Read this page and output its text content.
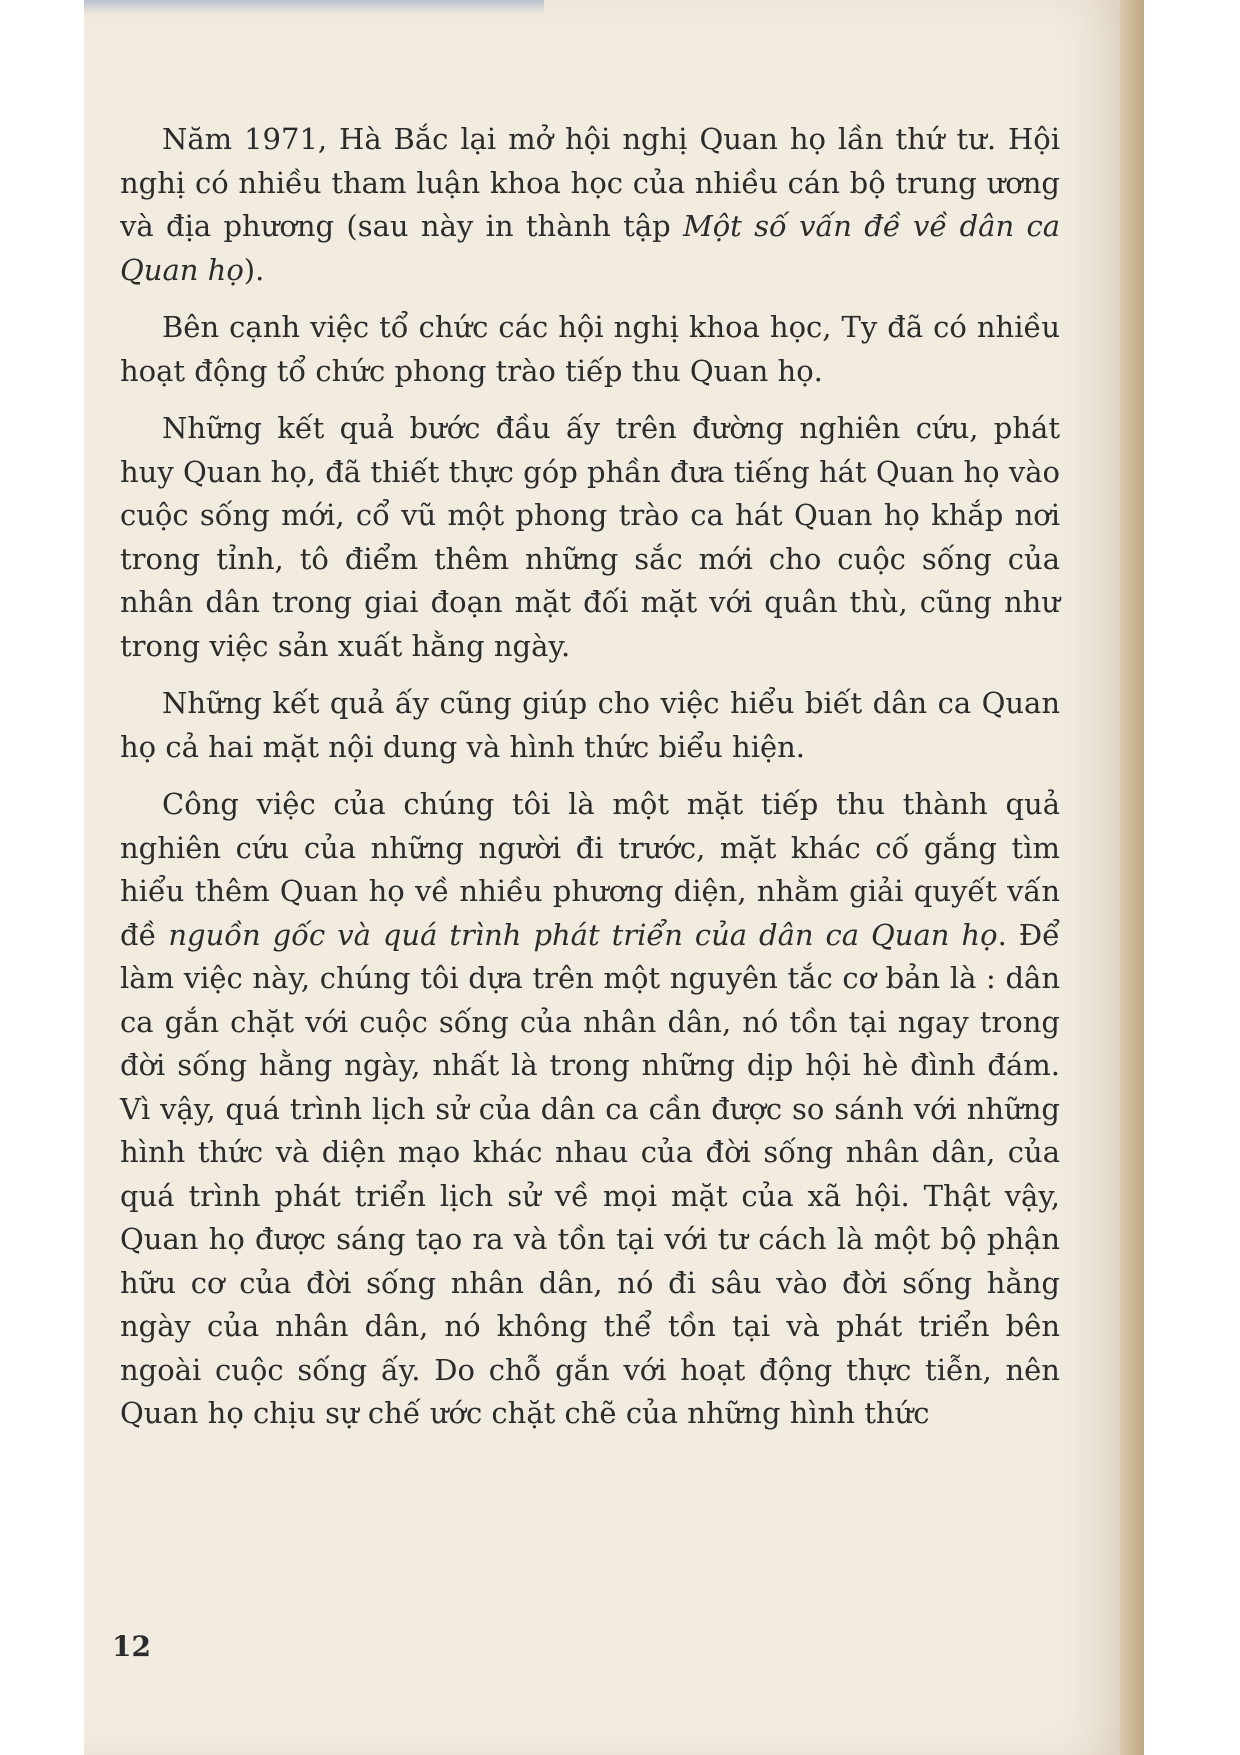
Năm 1971, Hà Bắc lại mở hội nghị Quan họ lần thứ tư. Hội nghị có nhiều tham luận khoa học của nhiều cán bộ trung ương và địa phương (sau này in thành tập Một số vấn đề về dân ca Quan họ).

Bên cạnh việc tổ chức các hội nghị khoa học, Ty đã có nhiều hoạt động tổ chức phong trào tiếp thu Quan họ.

Những kết quả bước đầu ấy trên đường nghiên cứu, phát huy Quan họ, đã thiết thực góp phần đưa tiếng hát Quan họ vào cuộc sống mới, cổ vũ một phong trào ca hát Quan họ khắp nơi trong tỉnh, tô điểm thêm những sắc mới cho cuộc sống của nhân dân trong giai đoạn mặt đối mặt với quân thù, cũng như trong việc sản xuất hằng ngày.

Những kết quả ấy cũng giúp cho việc hiểu biết dân ca Quan họ cả hai mặt nội dung và hình thức biểu hiện.

Công việc của chúng tôi là một mặt tiếp thu thành quả nghiên cứu của những người đi trước, mặt khác cố gắng tìm hiểu thêm Quan họ về nhiều phương diện, nhằm giải quyết vấn đề nguồn gốc và quá trình phát triển của dân ca Quan họ. Để làm việc này, chúng tôi dựa trên một nguyên tắc cơ bản là : dân ca gắn chặt với cuộc sống của nhân dân, nó tồn tại ngay trong đời sống hằng ngày, nhất là trong những dịp hội hè đình đám. Vì vậy, quá trình lịch sử của dân ca cần được so sánh với những hình thức và diện mạo khác nhau của đời sống nhân dân, của quá trình phát triển lịch sử về mọi mặt của xã hội. Thật vậy, Quan họ được sáng tạo ra và tồn tại với tư cách là một bộ phận hữu cơ của đời sống nhân dân, nó đi sâu vào đời sống hằng ngày của nhân dân, nó không thể tồn tại và phát triển bên ngoài cuộc sống ấy. Do chỗ gắn với hoạt động thực tiễn, nên Quan họ chịu sự chế ước chặt chẽ của những hình thức

12
